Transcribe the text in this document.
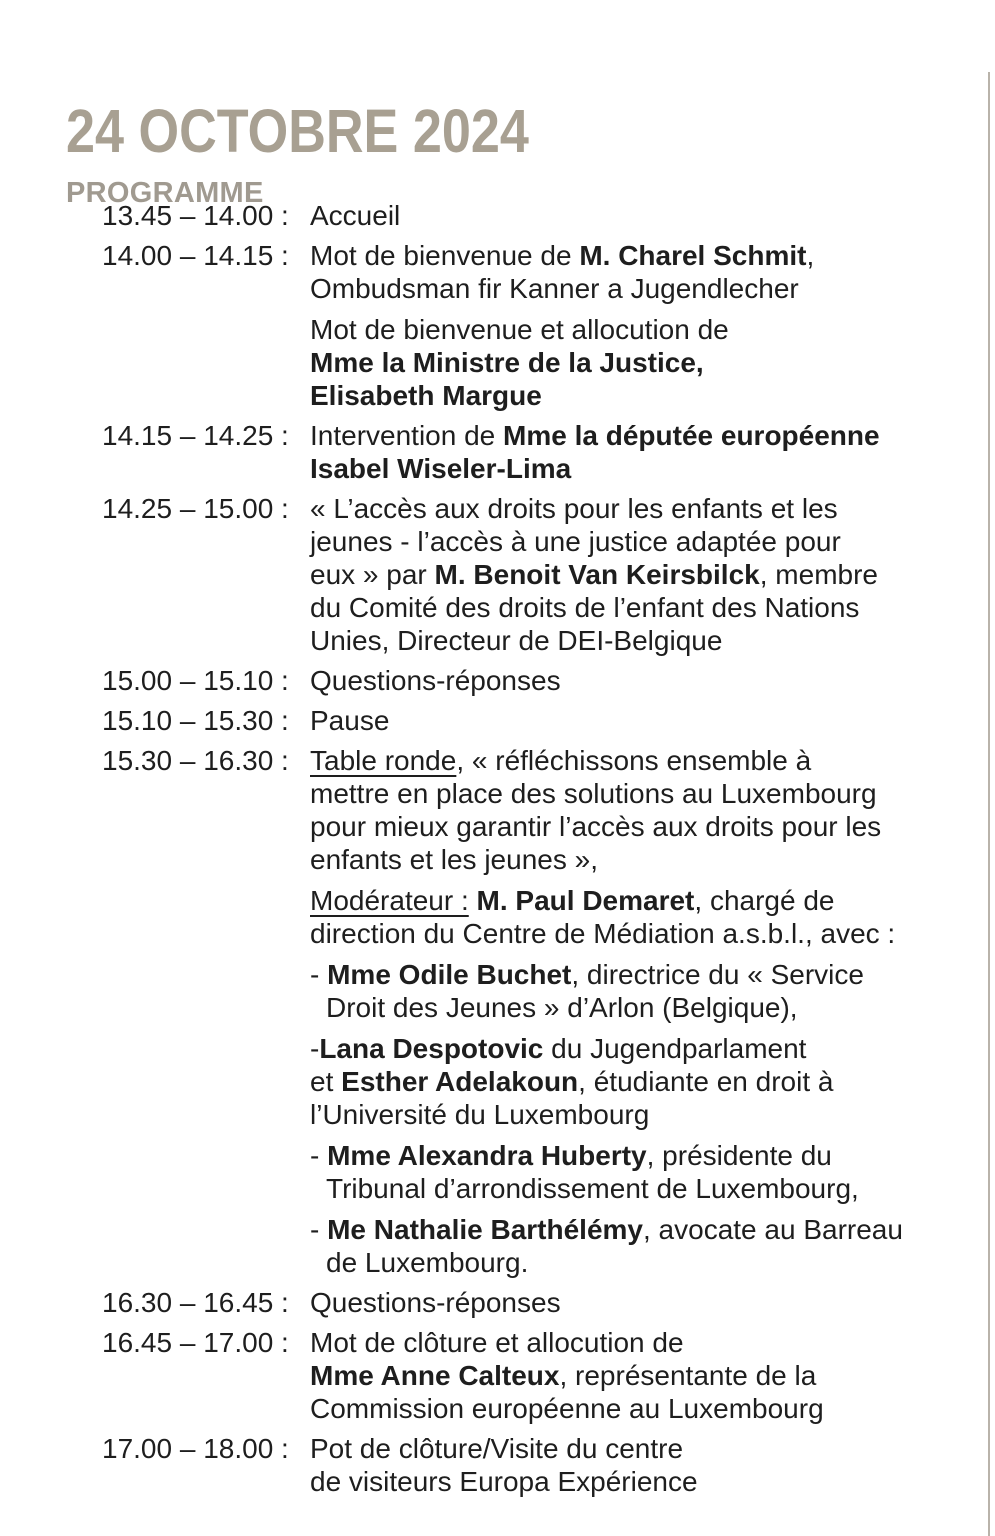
24 OCTOBRE 2024
PROGRAMME
13.45 – 14.00 : Accueil

14.00 – 14.15 : Mot de bienvenue de M. Charel Schmit,
Ombudsman fir Kanner a Jugendlecher

Mot de bienvenue et allocution de
Mme la Ministre de la Justice,
Elisabeth Margue

14.15 – 14.25 : Intervention de Mme la députée européenne
Isabel Wiseler-Lima

14.25 – 15.00 : « L’accès aux droits pour les enfants et les
jeunes - l’accès à une justice adaptée pour
eux » par M. Benoit Van Keirsbilck, membre
du Comité des droits de l’enfant des Nations
Unies, Directeur de DEI-Belgique

15.00 – 15.10 : Questions-réponses

15.10 – 15.30 : Pause

15.30 – 16.30 : Table ronde, « réfléchissons ensemble à
mettre en place des solutions au Luxembourg
pour mieux garantir l’accès aux droits pour les
enfants et les jeunes »,

Modérateur : M. Paul Demaret, chargé de
direction du Centre de Médiation a.s.b.l., avec :

- Mme Odile Buchet, directrice du « Service
Droit des Jeunes » d’Arlon (Belgique),

-Lana Despotovic du Jugendparlament
et Esther Adelakoun, étudiante en droit à
l’Université du Luxembourg

- Mme Alexandra Huberty, présidente du
Tribunal d’arrondissement de Luxembourg,

- Me Nathalie Barthélémy, avocate au Barreau
de Luxembourg.

16.30 – 16.45 : Questions-réponses

16.45 – 17.00 : Mot de clôture et allocution de
Mme Anne Calteux, représentante de la
Commission européenne au Luxembourg

17.00 – 18.00 : Pot de clôture/Visite du centre
de visiteurs Europa Expérience
